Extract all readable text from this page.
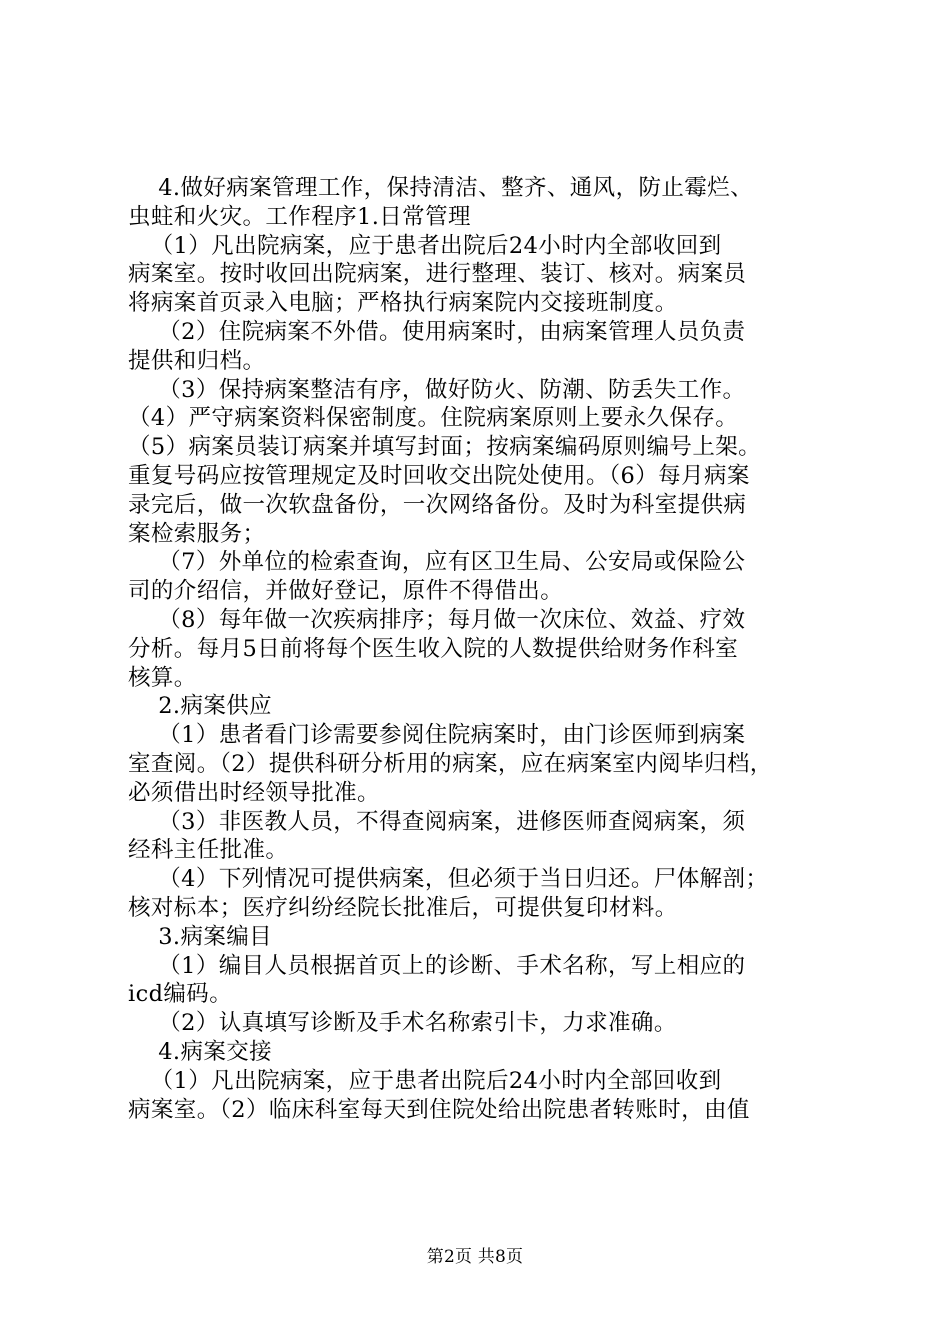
4.做好病案管理工作，保持清洁、整齐、通风，防止霉烂、
虫蛀和火灾。工作程序1.日常管理
（1）凡出院病案，应于患者出院后24小时内全部收回到
病案室。按时收回出院病案，进行整理、装订、核对。病案员
将病案首页录入电脑；严格执行病案院内交接班制度。
（2）住院病案不外借。使用病案时，由病案管理人员负责
提供和归档。
（3）保持病案整洁有序，做好防火、防潮、防丢失工作。
（4）严守病案资料保密制度。住院病案原则上要永久保存。
（5）病案员装订病案并填写封面；按病案编码原则编号上架。
重复号码应按管理规定及时回收交出院处使用。（6）每月病案
录完后，做一次软盘备份，一次网络备份。及时为科室提供病
案检索服务；
（7）外单位的检索查询，应有区卫生局、公安局或保险公
司的介绍信，并做好登记，原件不得借出。
（8）每年做一次疾病排序；每月做一次床位、效益、疗效
分析。每月5日前将每个医生收入院的人数提供给财务作科室
核算。
2.病案供应
（1）患者看门诊需要参阅住院病案时，由门诊医师到病案
室查阅。（2）提供科研分析用的病案，应在病案室内阅毕归档，
必须借出时经领导批准。
（3）非医教人员，不得查阅病案，进修医师查阅病案，须
经科主任批准。
（4）下列情况可提供病案，但必须于当日归还。尸体解剖；
核对标本；医疗纠纷经院长批准后，可提供复印材料。
3.病案编目
（1）编目人员根据首页上的诊断、手术名称，写上相应的
icd编码。
（2）认真填写诊断及手术名称索引卡，力求准确。
4.病案交接
（1）凡出院病案，应于患者出院后24小时内全部回收到
病案室。（2）临床科室每天到住院处给出院患者转账时，由值
第2页 共8页
